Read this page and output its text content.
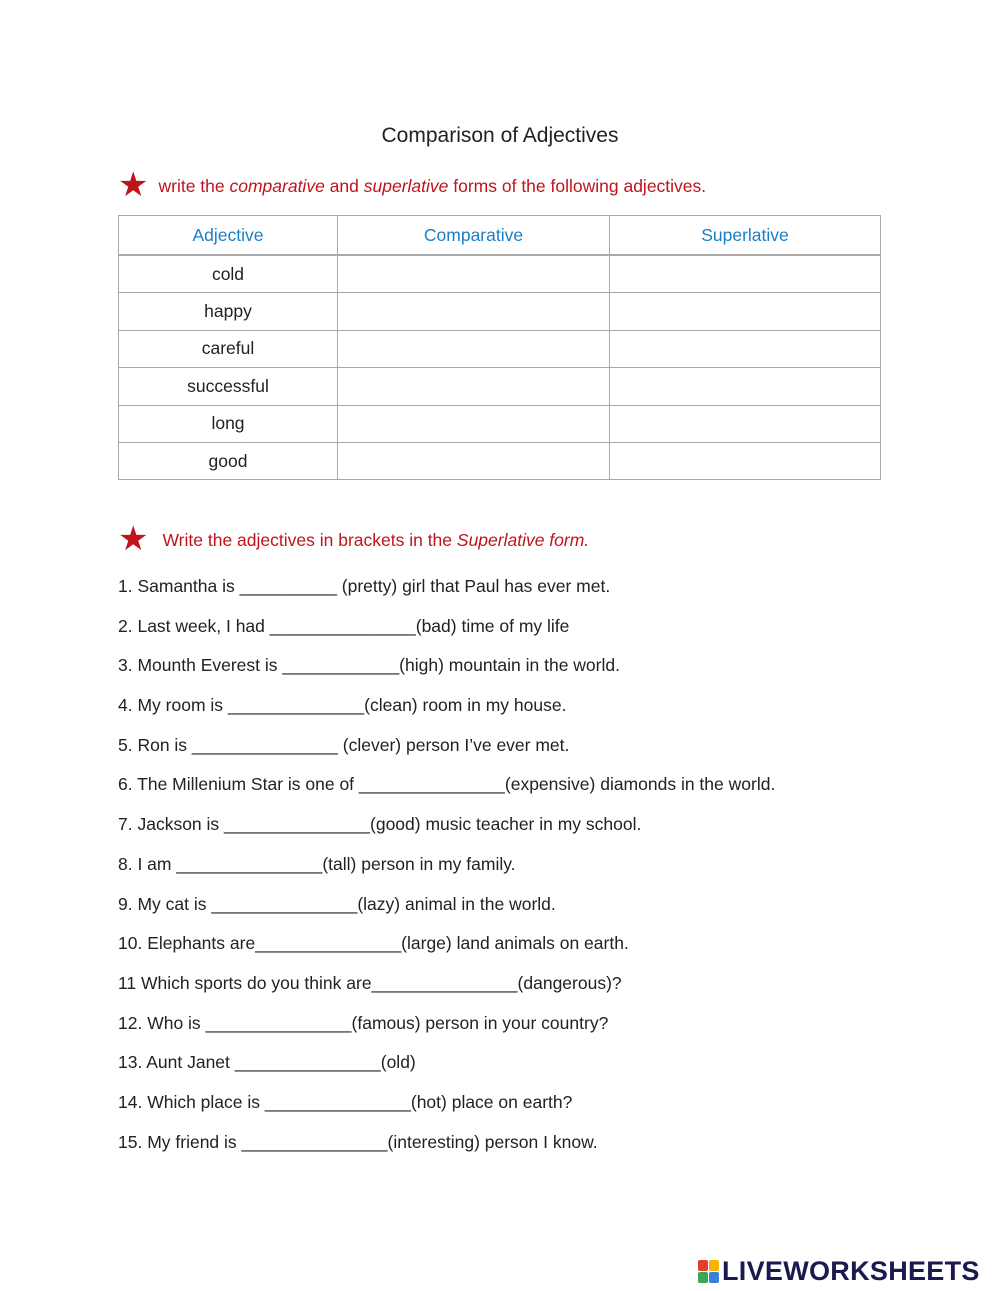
Comparison of Adjectives
★ write the comparative and superlative forms of the following adjectives.
Adjective	Comparative	Superlative
cold		
happy		
careful		
successful		
long		
good		
★ Write the adjectives in brackets in the Superlative form.
1. Samantha is __________ (pretty) girl that Paul has ever met.
2. Last week, I had _______________(bad) time of my life
3. Mounth Everest is ____________(high) mountain in the world.
4. My room is ______________(clean) room in my house.
5. Ron is _______________ (clever) person I’ve ever met.
6. The Millenium Star is one of _______________(expensive) diamonds in the world.
7. Jackson is _______________(good) music teacher in my school.
8. I am _______________(tall) person in my family.
9. My cat is _______________(lazy) animal in the world.
10. Elephants are_______________(large) land animals on earth.
11 Which sports do you think are_______________(dangerous)?
12. Who is _______________(famous) person in your country?
13. Aunt Janet _______________(old)
14. Which place is _______________(hot) place on earth?
15. My friend is _______________(interesting) person I know.
LIVEWORKSHEETS
